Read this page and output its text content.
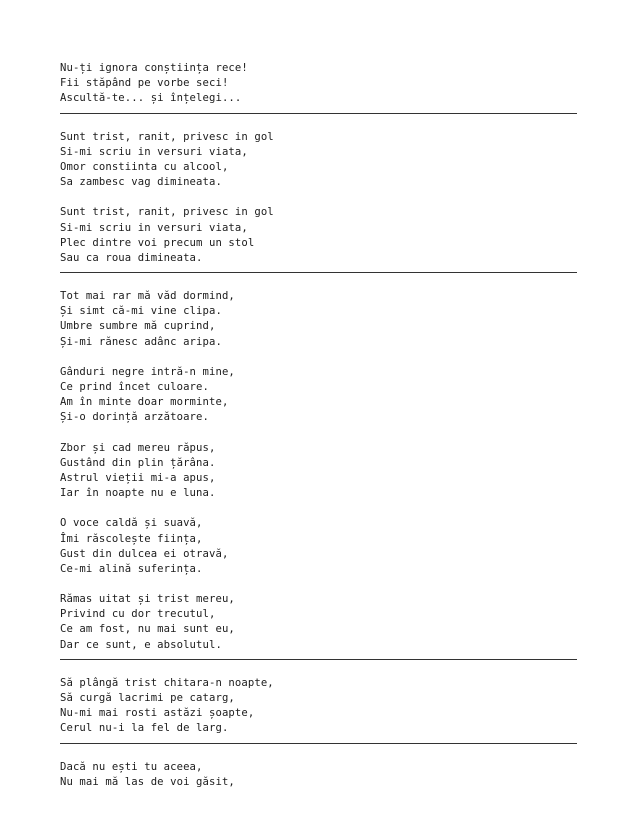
Nu-ți ignora conștiința rece!
Fii stăpând pe vorbe seci!
Ascultă-te... și înțelegi...
Sunt trist, ranit, privesc in gol
Si-mi scriu in versuri viata,
Omor constiinta cu alcool,
Sa zambesc vag dimineata.
Sunt trist, ranit, privesc in gol
Si-mi scriu in versuri viata,
Plec dintre voi precum un stol
Sau ca roua dimineata.
Tot mai rar mă văd dormind,
Și simt că-mi vine clipa.
Umbre sumbre mă cuprind,
Și-mi rănesc adânc aripa.
Gânduri negre intră-n mine,
Ce prind încet culoare.
Am în minte doar morminte,
Și-o dorință arzătoare.
Zbor și cad mereu răpus,
Gustând din plin țărâna.
Astrul vieții mi-a apus,
Iar în noapte nu e luna.
O voce caldă și suavă,
Îmi răscolește ființa,
Gust din dulcea ei otravă,
Ce-mi alină suferința.
Rămas uitat și trist mereu,
Privind cu dor trecutul,
Ce am fost, nu mai sunt eu,
Dar ce sunt, e absolutul.
Să plângă trist chitara-n noapte,
Să curgă lacrimi pe catarg,
Nu-mi mai rosti astăzi șoapte,
Cerul nu-i la fel de larg.
Dacă nu ești tu aceea,
Nu mai mă las de voi găsit,
